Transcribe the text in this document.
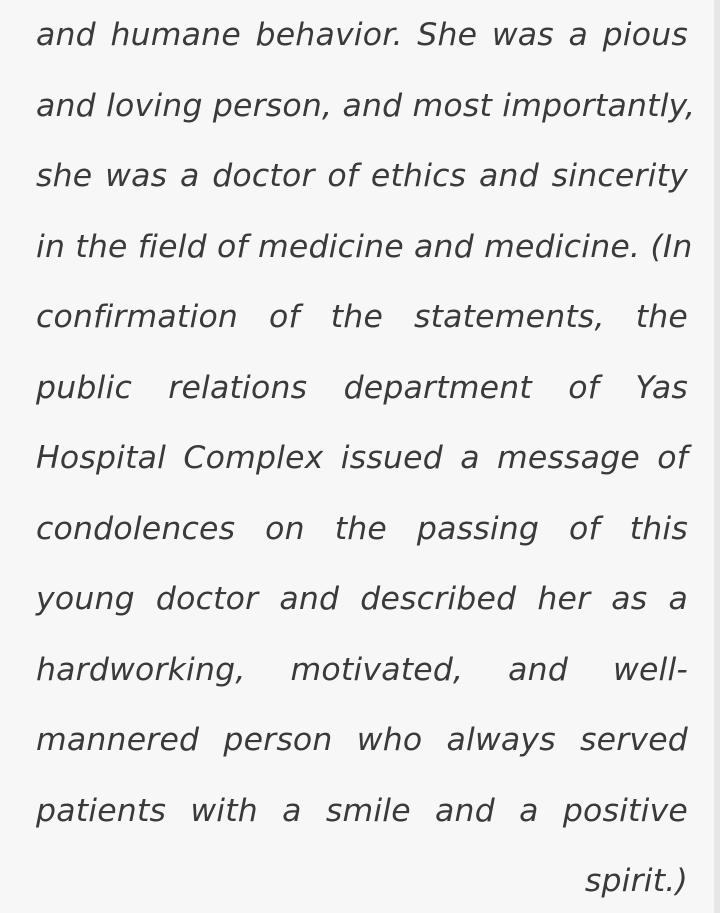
and humane behavior. She was a pious
and loving person, and most importantly,
she was a doctor of ethics and sincerity
in the field of medicine and medicine. (In
confirmation of the statements, the
public relations department of Yas
Hospital Complex issued a message of
condolences on the passing of this
young doctor and described her as a
hardworking, motivated, and well-
mannered person who always served
patients with a smile and a positive
spirit.)
